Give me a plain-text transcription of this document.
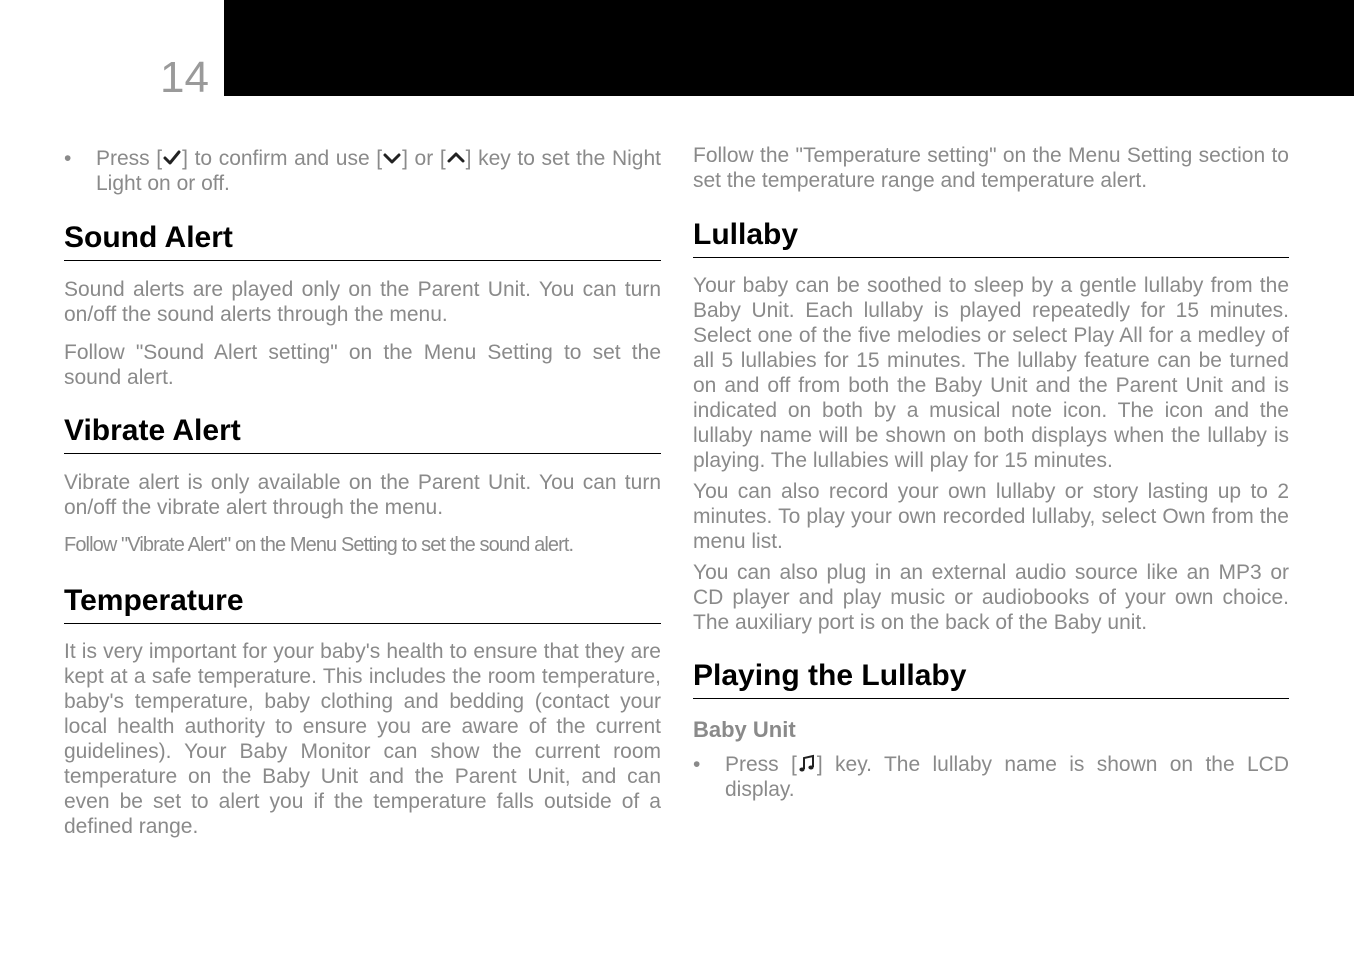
14 BASIC OPERATION
• Press [ ] to confirm and use [ ] or [ ] key to set the Night Light on or off.
Sound Alert

Sound alerts are played only on the Parent Unit. You can turn on/off the sound alerts through the menu.

Follow "Sound Alert setting" on the Menu Setting to set the sound alert.

Vibrate Alert

Vibrate alert is only available on the Parent Unit. You can turn on/off the vibrate alert through the menu.

Follow "Vibrate Alert" on the Menu Setting to set the sound alert.

Temperature

It is very important for your baby's health to ensure that they are kept at a safe temperature. This includes the room temperature, baby's temperature, baby clothing and bedding (contact your local health authority to ensure you are aware of the current guidelines). Your Baby Monitor can show the current room temperature on the Baby Unit and the Parent Unit, and can even be set to alert you if the temperature falls outside of a defined range.

Follow the "Temperature setting" on the Menu Setting section to set the temperature range and temperature alert.

Lullaby

Your baby can be soothed to sleep by a gentle lullaby from the Baby Unit. Each lullaby is played repeatedly for 15 minutes. Select one of the five melodies or select Play All for a medley of all 5 lullabies for 15 minutes. The lullaby feature can be turned on and off from both the Baby Unit and the Parent Unit and is indicated on both by a musical note icon. The icon and the lullaby name will be shown on both displays when the lullaby is playing. The lullabies will play for 15 minutes.

You can also record your own lullaby or story lasting up to 2 minutes. To play your own recorded lullaby, select Own from the menu list.

You can also plug in an external audio source like an MP3 or CD player and play music or audiobooks of your own choice. The auxiliary port is on the back of the Baby unit.

Playing the Lullaby
Baby Unit
• Press [ ] key. The lullaby name is shown on the LCD display.
